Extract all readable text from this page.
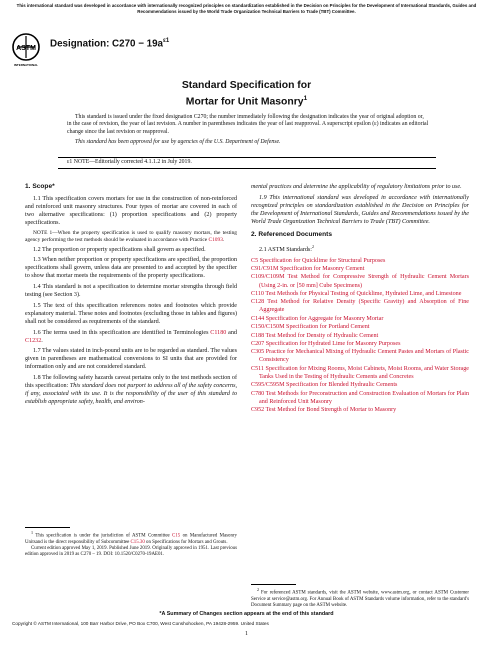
This international standard was developed in accordance with internationally recognized principles on standardization established in the Decision on Principles for the Development of International Standards, Guides and Recommendations issued by the World Trade Organization Technical Barriers to Trade (TBT) Committee.
ASTM
INTERNATIONAL
Designation: $C270 - 19a^{\varepsilon 1}$
Standard Specification for
Mortar for Unit Masonry$^1$

This standard is issued under the fixed designation C270; the number immediately following the designation indicates the year of original adoption or, in the case of revision, the year of last revision. A number in parentheses indicates the year of last reapproval. A superscript epsilon (ε) indicates an editorial change since the last revision or reapproval.

This standard has been approved for use by agencies of the U.S. Department of Defense.

ε1 NOTE—Editorially corrected 4.1.1.2 in July 2019.
1. Scope*

1.1 This specification covers mortars for use in the construction of non-reinforced and reinforced unit masonry structures. Four types of mortar are covered in each of two alternative specifications: (1) proportion specifications and (2) property specifications.

NOTE 1—When the property specification is used to qualify masonry mortars, the testing agency performing the test methods should be evaluated in accordance with Practice C1093.

1.2 The proportion or property specifications shall govern as specified.

1.3 When neither proportion or property specifications are specified, the proportion specifications shall govern, unless data are presented to and accepted by the specifier to show that mortar meets the requirements of the property specifications.

1.4 This standard is not a specification to determine mortar strengths through field testing (see Section 3).

1.5 The text of this specification references notes and footnotes which provide explanatory material. These notes and footnotes (excluding those in tables and figures) shall not be considered as requirements of the standard.

1.6 The terms used in this specification are identified in Terminologies C1180 and C1232.

1.7 The values stated in inch-pound units are to be regarded as standard. The values given in parentheses are mathematical conversions to SI units that are provided for information only and are not considered standard.

1.8 The following safety hazards caveat pertains only to the test methods section of this specification: This standard does not purport to address all of the safety concerns, if any, associated with its use. It is the responsibility of the user of this standard to establish appropriate safety, health, and environ-

$^1$ This specification is under the jurisdiction of ASTM Committee C15 on Manufactured Masonry Unitsand is the direct responsibility of Subcommittee C15.30 on Specifications for Mortars and Grouts.

Current edition approved May 1, 2019. Published June 2019. Originally approved in 1951. Last previous edition approved in 2019 as C270 – 19. DOI: 10.1520/C0270-19AE01.

mental practices and determine the applicability of regulatory limitations prior to use.

1.9 This international standard was developed in accordance with internationally recognized principles on standardization established in the Decision on Principles for the Development of International Standards, Guides and Recommendations issued by the World Trade Organization Technical Barriers to Trade (TBT) Committee.

2. Referenced Documents

2.1 ASTM Standards:$^2$

C5 Specification for Quicklime for Structural Purposes

C91/C91M Specification for Masonry Cement

C109/C109M Test Method for Compressive Strength of Hydraulic Cement Mortars (Using 2-in. or [50 mm] Cube Specimens)

C110 Test Methods for Physical Testing of Quicklime, Hydrated Lime, and Limestone

C128 Test Method for Relative Density (Specific Gravity) and Absorption of Fine Aggregate

C144 Specification for Aggregate for Masonry Mortar

C150/C150M Specification for Portland Cement

C188 Test Method for Density of Hydraulic Cement

C207 Specification for Hydrated Lime for Masonry Purposes

C305 Practice for Mechanical Mixing of Hydraulic Cement Pastes and Mortars of Plastic Consistency

C511 Specification for Mixing Rooms, Moist Cabinets, Moist Rooms, and Water Storage Tanks Used in the Testing of Hydraulic Cements and Concretes

C595/C595M Specification for Blended Hydraulic Cements

C780 Test Methods for Preconstruction and Construction Evaluation of Mortars for Plain and Reinforced Unit Masonry

C952 Test Method for Bond Strength of Mortar to Masonry

$^2$ For referenced ASTM standards, visit the ASTM website, www.astm.org, or contact ASTM Customer Service at service@astm.org. For Annual Book of ASTM Standards volume information, refer to the standard's Document Summary page on the ASTM website.

*A Summary of Changes section appears at the end of this standard
Copyright © ASTM International, 100 Barr Harbor Drive, PO Box C700, West Conshohocken, PA 19428-2959. United States
1
